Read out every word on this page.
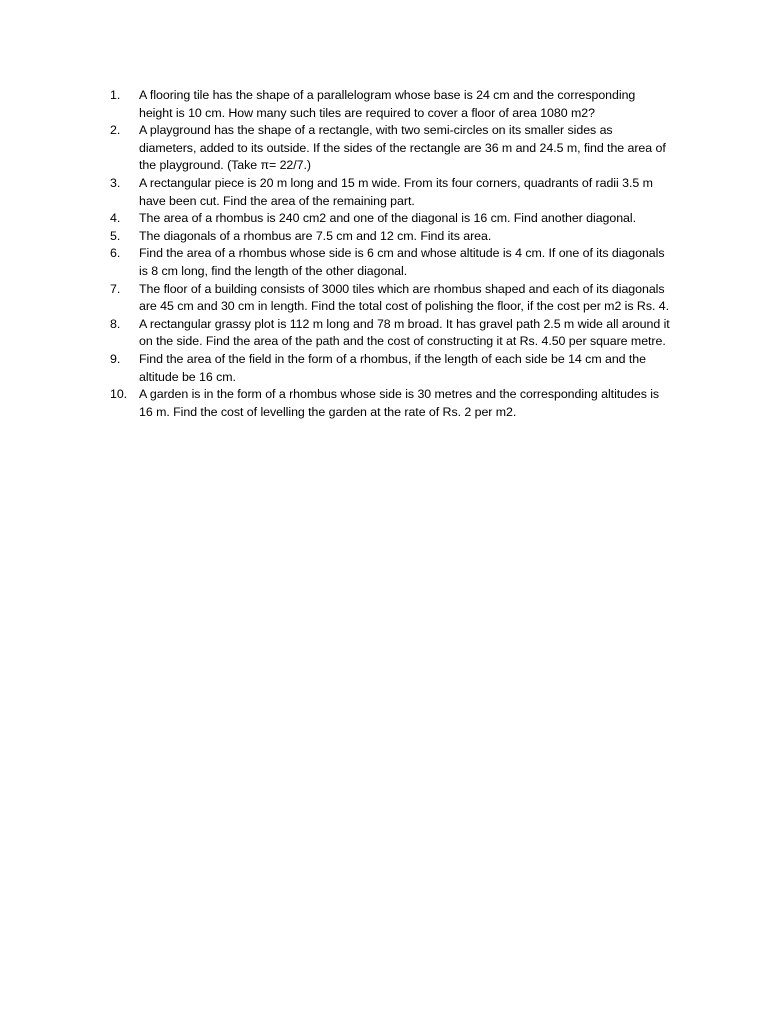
1.	A flooring tile has the shape of a parallelogram whose base is 24 cm and the corresponding height is 10 cm. How many such tiles are required to cover a floor of area 1080 m2?
2.	A playground has the shape of a rectangle, with two semi-circles on its smaller sides as diameters, added to its outside. If the sides of the rectangle are 36 m and 24.5 m, find the area of the playground. (Take π= 22/7.)
3.	A rectangular piece is 20 m long and 15 m wide. From its four corners, quadrants of radii 3.5 m have been cut. Find the area of the remaining part.
4.	The area of a rhombus is 240 cm2 and one of the diagonal is 16 cm. Find another diagonal.
5.	The diagonals of a rhombus are 7.5 cm and 12 cm. Find its area.
6.	Find the area of a rhombus whose side is 6 cm and whose altitude is 4 cm. If one of its diagonals is 8 cm long, find the length of the other diagonal.
7.	The floor of a building consists of 3000 tiles which are rhombus shaped and each of its diagonals are 45 cm and 30 cm in length. Find the total cost of polishing the floor, if the cost per m2 is Rs. 4.
8.	A rectangular grassy plot is 112 m long and 78 m broad. It has gravel path 2.5 m wide all around it on the side. Find the area of the path and the cost of constructing it at Rs. 4.50 per square metre.
9.	Find the area of the field in the form of a rhombus, if the length of each side be 14 cm and the altitude be 16 cm.
10. A garden is in the form of a rhombus whose side is 30 metres and the corresponding altitudes is 16 m. Find the cost of levelling the garden at the rate of Rs. 2 per m2.
